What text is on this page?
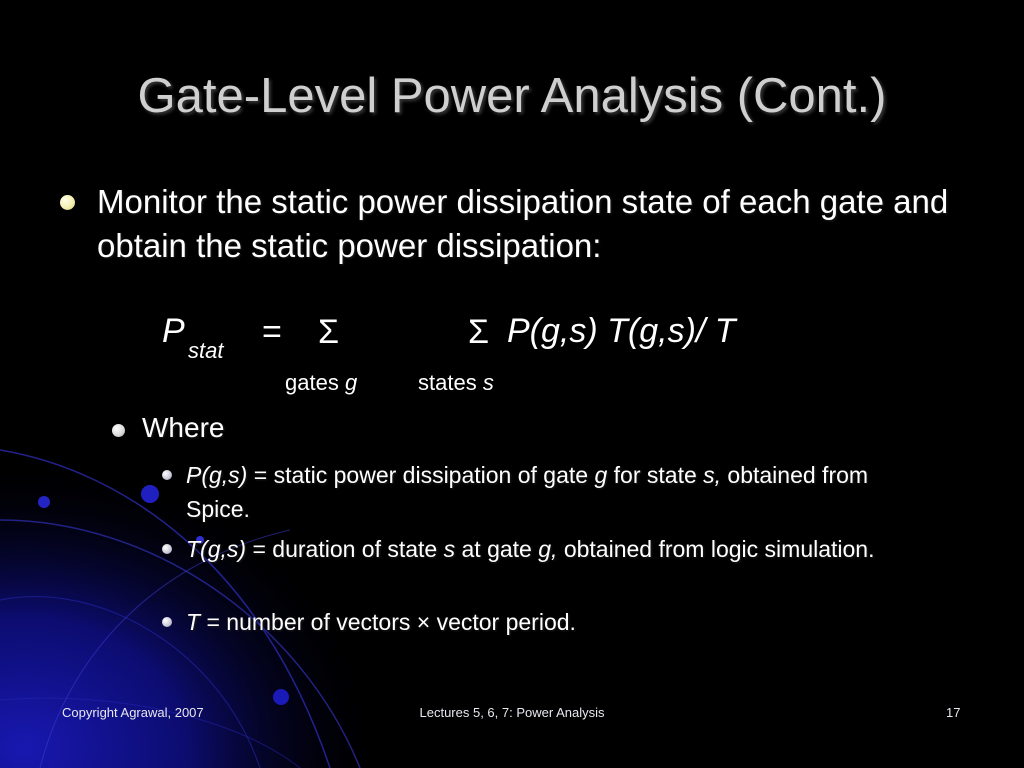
Gate-Level Power Analysis (Cont.)
Monitor the static power dissipation state of each gate and obtain the static power dissipation:
P
stat = Σ	Σ P(g,s) T(g,s)/ T
gates g	states s
Where
P(g,s) = static power dissipation of gate g for state s, obtained from Spice.
T(g,s) = duration of state s at gate g, obtained from logic simulation.
T = number of vectors × vector period.
Copyright Agrawal, 2007	Lectures 5, 6, 7: Power Analysis	17
